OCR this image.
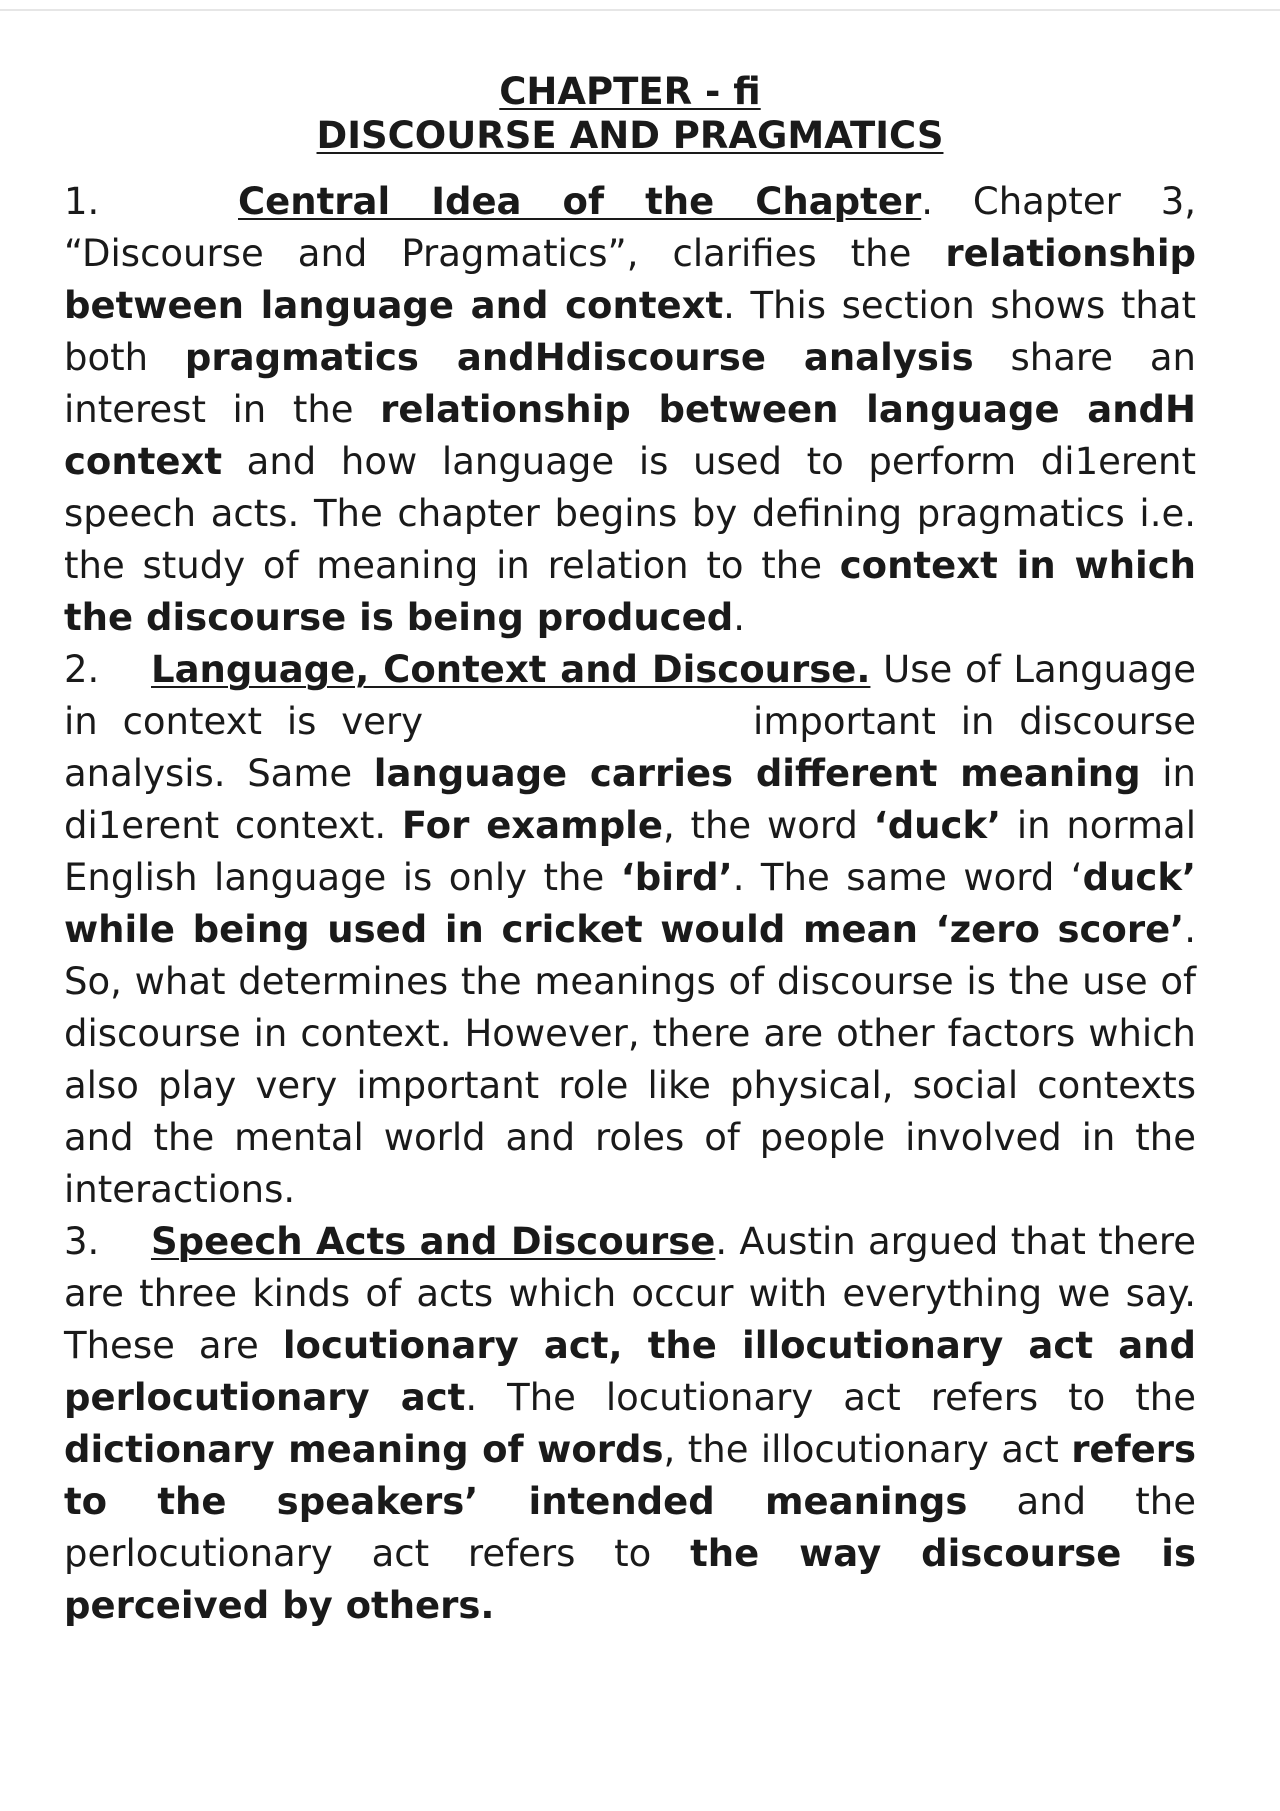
CHAPTER - fi
DISCOURSE AND PRAGMATICS

1.	Central Idea of the Chapter. Chapter 3, “Discourse and Pragmatics”, clarifies the relationship between language and context. This section shows that both pragmatics andHdiscourse analysis share an interest in the relationship between language andH context and how language is used to perform di1erent speech acts. The chapter begins by defining pragmatics i.e. the study of meaning in relation to the context in which the discourse is being produced.

2. Language, Context and Discourse. Use of Language in context is very	important in discourse analysis. Same language carries different meaning in di1erent context. For example, the word ‘duck’ in normal English language is only the ‘bird’. The same word ‘duck’ while being used in cricket would mean ‘zero score’. So, what determines the meanings of discourse is the use of discourse in context. However, there are other factors which also play very important role like physical, social contexts and the mental world and roles of people involved in the interactions.

3. Speech Acts and Discourse. Austin argued that there are three kinds of acts which occur with everything we say. These are locutionary act, the illocutionary act and perlocutionary act. The locutionary act refers to the dictionary meaning of words, the illocutionary act refers to the speakers’ intended meanings and the perlocutionary act refers to the way discourse is perceived by others.
